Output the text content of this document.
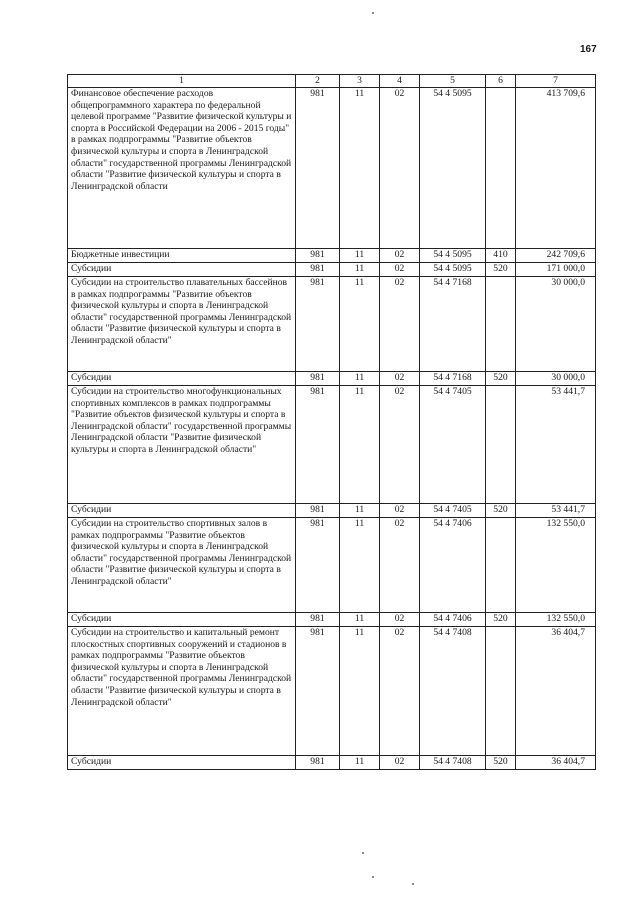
167
1	2	3	4	5	6	7
Финансовое обеспечение расходов общепрограммного характера по федеральной целевой программе "Развитие физической культуры и спорта в Российской Федерации на 2006 - 2015 годы" в рамках подпрограммы "Развитие объектов физической культуры и спорта в Ленинградской области" государственной программы Ленинградской области "Развитие физической культуры и спорта в Ленинградской области	981	11	02	54 4 5095		413 709,6
Бюджетные инвестиции	981	11	02	54 4 5095	410	242 709,6
Субсидии	981	11	02	54 4 5095	520	171 000,0
Субсидии на строительство плавательных бассейнов в рамках подпрограммы "Развитие объектов физической культуры и спорта в Ленинградской области" государственной программы Ленинградской области "Развитие физической культуры и спорта в Ленинградской области"	981	11	02	54 4 7168		30 000,0
Субсидии	981	11	02	54 4 7168	520	30 000,0
Субсидии на строительство многофункциональных спортивных комплексов в рамках подпрограммы "Развитие объектов физической культуры и спорта в Ленинградской области" государственной программы Ленинградской области "Развитие физической культуры и спорта в Ленинградской области"	981	11	02	54 4 7405		53 441,7
Субсидии	981	11	02	54 4 7405	520	53 441,7
Субсидии на строительство спортивных залов в рамках подпрограммы "Развитие объектов физической культуры и спорта в Ленинградской области" государственной программы Ленинградской области "Развитие физической культуры и спорта в Ленинградской области"	981	11	02	54 4 7406		132 550,0
Субсидии	981	11	02	54 4 7406	520	132 550,0
Субсидии на строительство и капитальный ремонт плоскостных спортивных сооружений и стадионов в рамках подпрограммы "Развитие объектов физической культуры и спорта в Ленинградской области" государственной программы Ленинградской области "Развитие физической культуры и спорта в Ленинградской области"	981	11	02	54 4 7408		36 404,7
Субсидии	981	11	02	54 4 7408	520	36 404,7
